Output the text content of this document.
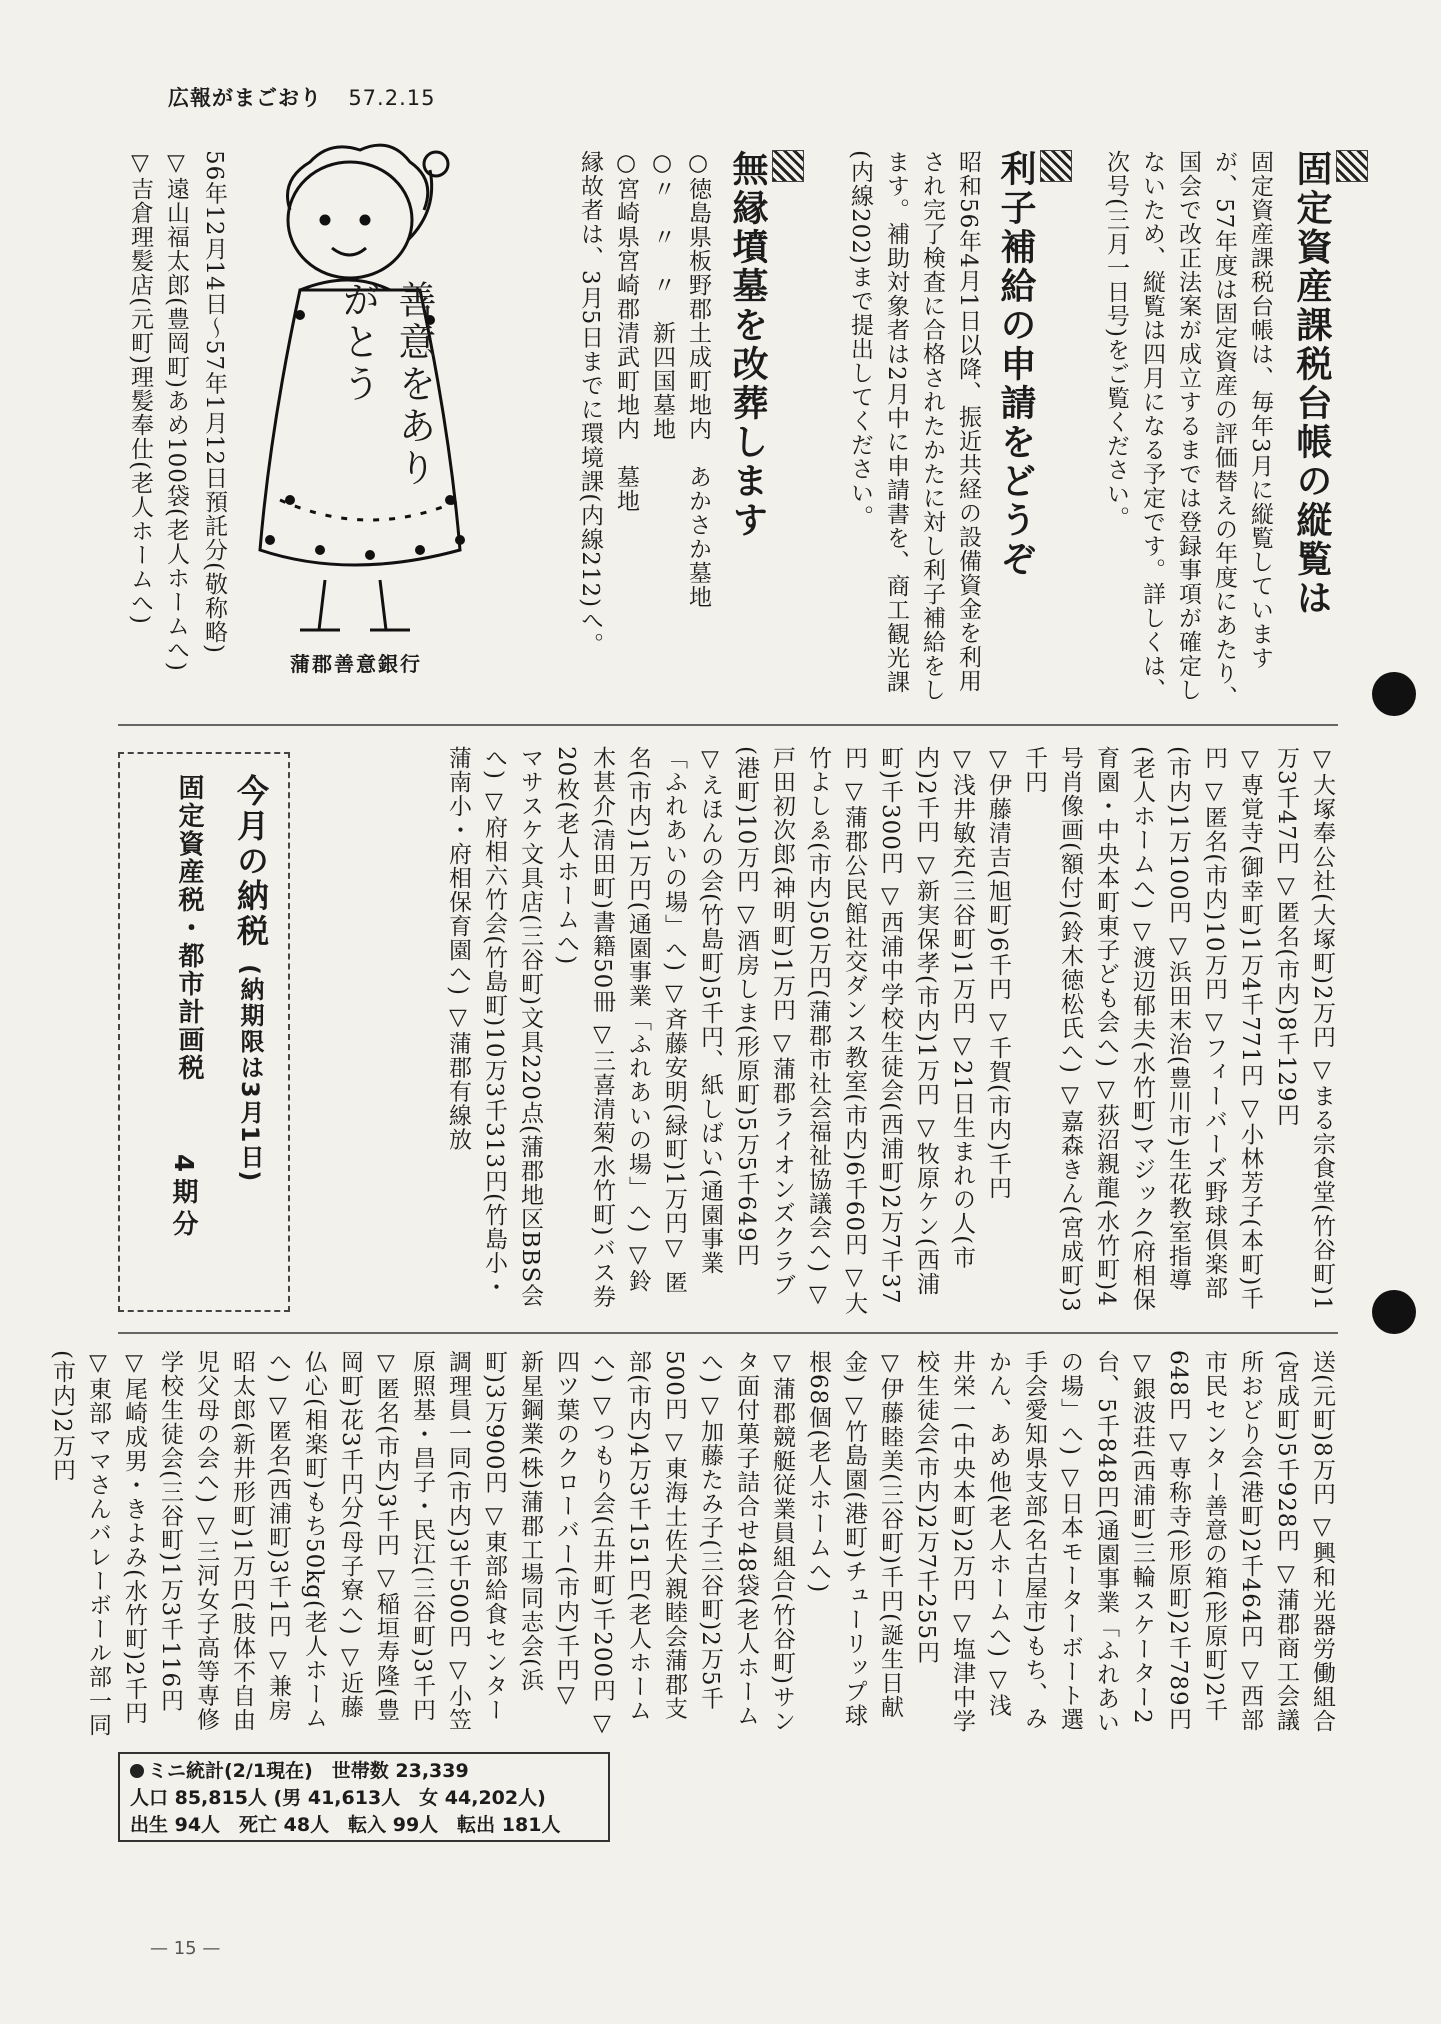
広報がまごおり 57.2.15
固定資産課税台帳の縦覧は
固定資産課税台帳は、毎年3月に縦覧していますが、57年度は固定資産の評価替えの年度にあたり、国会で改正法案が成立するまでは登録事項が確定しないため、縦覧は四月になる予定です。詳しくは、次号(三月一日号)をご覧ください。
利子補給の申請をどうぞ
昭和56年4月1日以降、振近共経の設備資金を利用され完了検査に合格されたかたに対し利子補給をします。補助対象者は2月中に申請書を、商工観光課(内線202)まで提出してください。
無縁墳墓を改葬します
○徳島県板野郡土成町地内　あかさか墓地
○〃　〃　〃　新四国墓地
○宮崎県宮崎郡清武町地内　墓地
縁故者は、3月5日までに環境課(内線212)へ。
善意をありがとう
蒲郡善意銀行
56年12月14日〜57年1月12日預託分(敬称略)
▽遠山福太郎(豊岡町)あめ100袋(老人ホームへ)
▽吉倉理髪店(元町)理髪奉仕(老人ホームへ)
▽大塚奉公社(大塚町)2万円 ▽まる宗食堂(竹谷町)1万3千47円 ▽匿名(市内)8千129円
▽専覚寺(御幸町)1万4千771円 ▽小林芳子(本町)千円 ▽匿名(市内)10万円 ▽フィーバーズ野球倶楽部(市内)1万100円 ▽浜田末治(豊川市)生花教室指導(老人ホームへ) ▽渡辺郁夫(水竹町)マジック(府相保育園・中央本町東子ども会へ) ▽荻沼親龍(水竹町)4号肖像画(額付)(鈴木徳松氏へ) ▽嘉森きん(宮成町)3千円
▽伊藤清吉(旭町)6千円 ▽千賀(市内)千円
▽浅井敏充(三谷町)1万円 ▽21日生まれの人(市内)2千円 ▽新実保孝(市内)1万円 ▽牧原ケン(西浦町)千300円 ▽西浦中学校生徒会(西浦町)2万7千37円 ▽蒲郡公民館社交ダンス教室(市内)6千60円 ▽大竹よしゑ(市内)50万円(蒲郡市社会福祉協議会へ) ▽戸田初次郎(神明町)1万円 ▽蒲郡ライオンズクラブ(港町)10万円 ▽酒房しま(形原町)5万5千649円
▽えほんの会(竹島町)5千円、紙しばい(通園事業「ふれあいの場」へ) ▽斉藤安明(緑町)1万円▽ 匿名(市内)1万円(通園事業「ふれあいの場」へ) ▽鈴木甚介(清田町)書籍50冊 ▽三喜清菊(水竹町)バス券20枚(老人ホームへ)
マサスケ文具店(三谷町)文具220点(蒲郡地区BBS会へ) ▽府相六竹会(竹島町)10万3千313円(竹島小・蒲南小・府相保育園へ) ▽蒲郡有線放
今月の納税
(納期限は3月1日)
固定資産税・都市計画税
4期分
送(元町)8万円 ▽興和光器労働組合(宮成町)5千928円 ▽蒲郡商工会議所おどり会(港町)2千464円 ▽西部市民センター善意の箱(形原町)2千648円 ▽専称寺(形原町)2千789円 ▽銀波荘(西浦町)三輪スケーター2台、5千848円(通園事業「ふれあいの場」へ) ▽日本モーターボート選手会愛知県支部(名古屋市)もち、みかん、あめ他(老人ホームへ) ▽浅井栄一(中央本町)2万円 ▽塩津中学校生徒会(市内)2万7千255円
▽伊藤睦美(三谷町)千円(誕生日献金) ▽竹島園(港町)チューリップ球根68個(老人ホームへ)
▽蒲郡競艇従業員組合(竹谷町)サンタ面付菓子詰合せ48袋(老人ホームへ) ▽加藤たみ子(三谷町)2万5千500円 ▽東海土佐犬親睦会蒲郡支部(市内)4万3千151円(老人ホームへ) ▽つもり会(五井町)千200円 ▽四ツ葉のクローバー(市内)千円▽ 新星鋼業(株)蒲郡工場同志会(浜町)3万900円 ▽東部給食センター調理員一同(市内)3千500円 ▽小笠原照基・昌子・民江(三谷町)3千円 ▽匿名(市内)3千円 ▽稲垣寿隆(豊岡町)花3千円分(母子寮へ) ▽近藤仏心(相楽町)もち50kg(老人ホームへ) ▽匿名(西浦町)3千1円 ▽兼房昭太郎(新井形町)1万円(肢体不自由児父母の会へ) ▽三河女子高等専修学校生徒会(三谷町)1万3千116円 ▽尾崎成男・きよみ(水竹町)2千円 ▽東部ママさんバレーボール部一同(市内)2万円
ミニ統計(2/1現在)　 世帯数 23,339
人口 85,815人 (男 41,613人　女 44,202人)
出生 94人　死亡 48人　転入 99人　転出 181人
— 15 —
